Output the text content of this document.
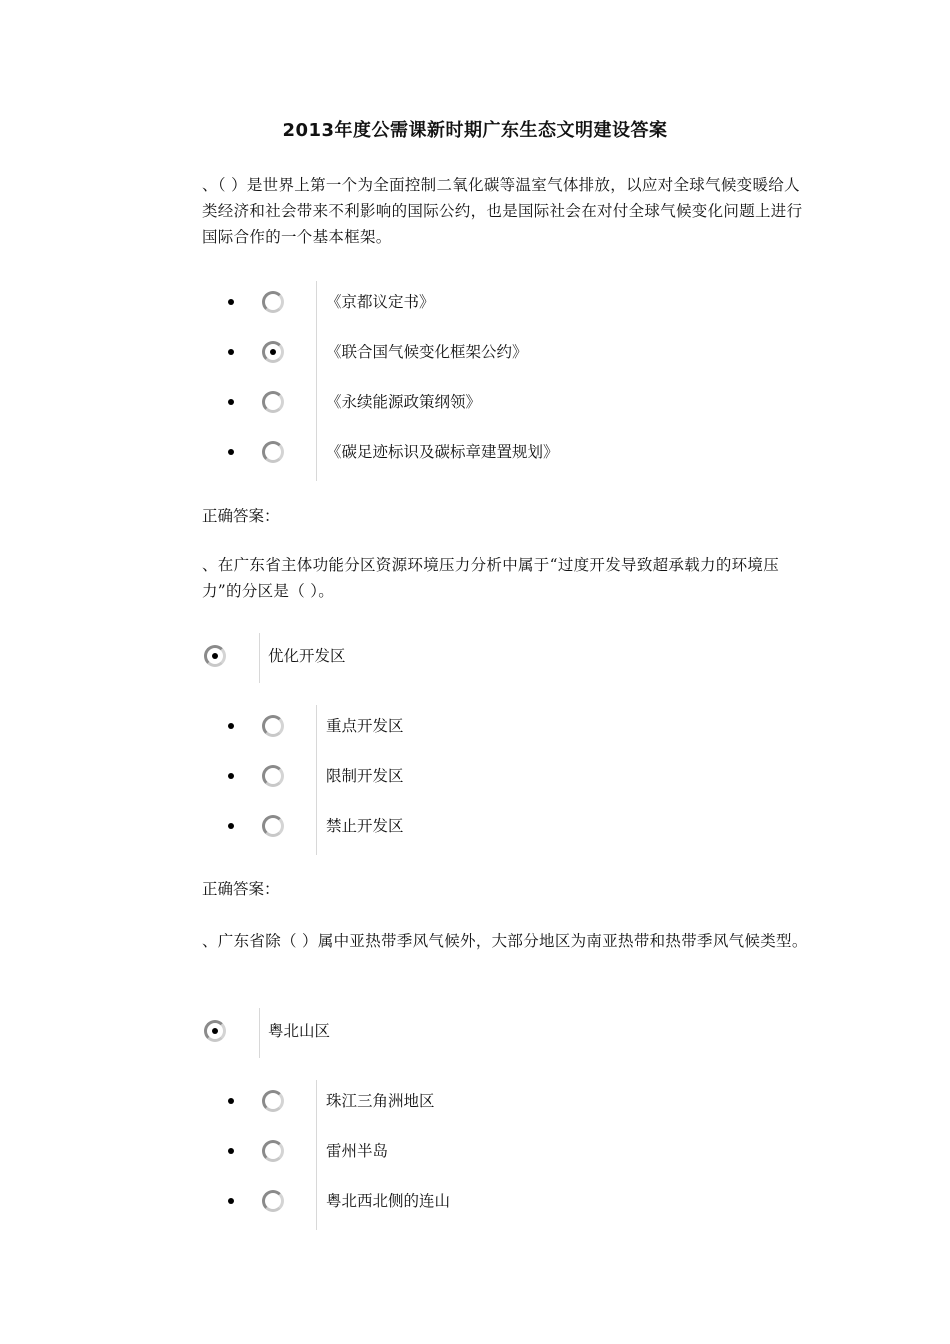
2013年度公需课新时期广东生态文明建设答案
、（ ）是世界上第一个为全面控制二氧化碳等温室气体排放，以应对全球气候变暖给人类经济和社会带来不利影响的国际公约，也是国际社会在对付全球气候变化问题上进行国际合作的一个基本框架。
《京都议定书》
《联合国气候变化框架公约》
《永续能源政策纲领》
《碳足迹标识及碳标章建置规划》
正确答案：
、在广东省主体功能分区资源环境压力分析中属于“过度开发导致超承载力的环境压力”的分区是（ ）。
优化开发区
重点开发区
限制开发区
禁止开发区
正确答案：
、广东省除（ ）属中亚热带季风气候外，大部分地区为南亚热带和热带季风气候类型。
粤北山区
珠江三角洲地区
雷州半岛
粤北西北侧的连山
